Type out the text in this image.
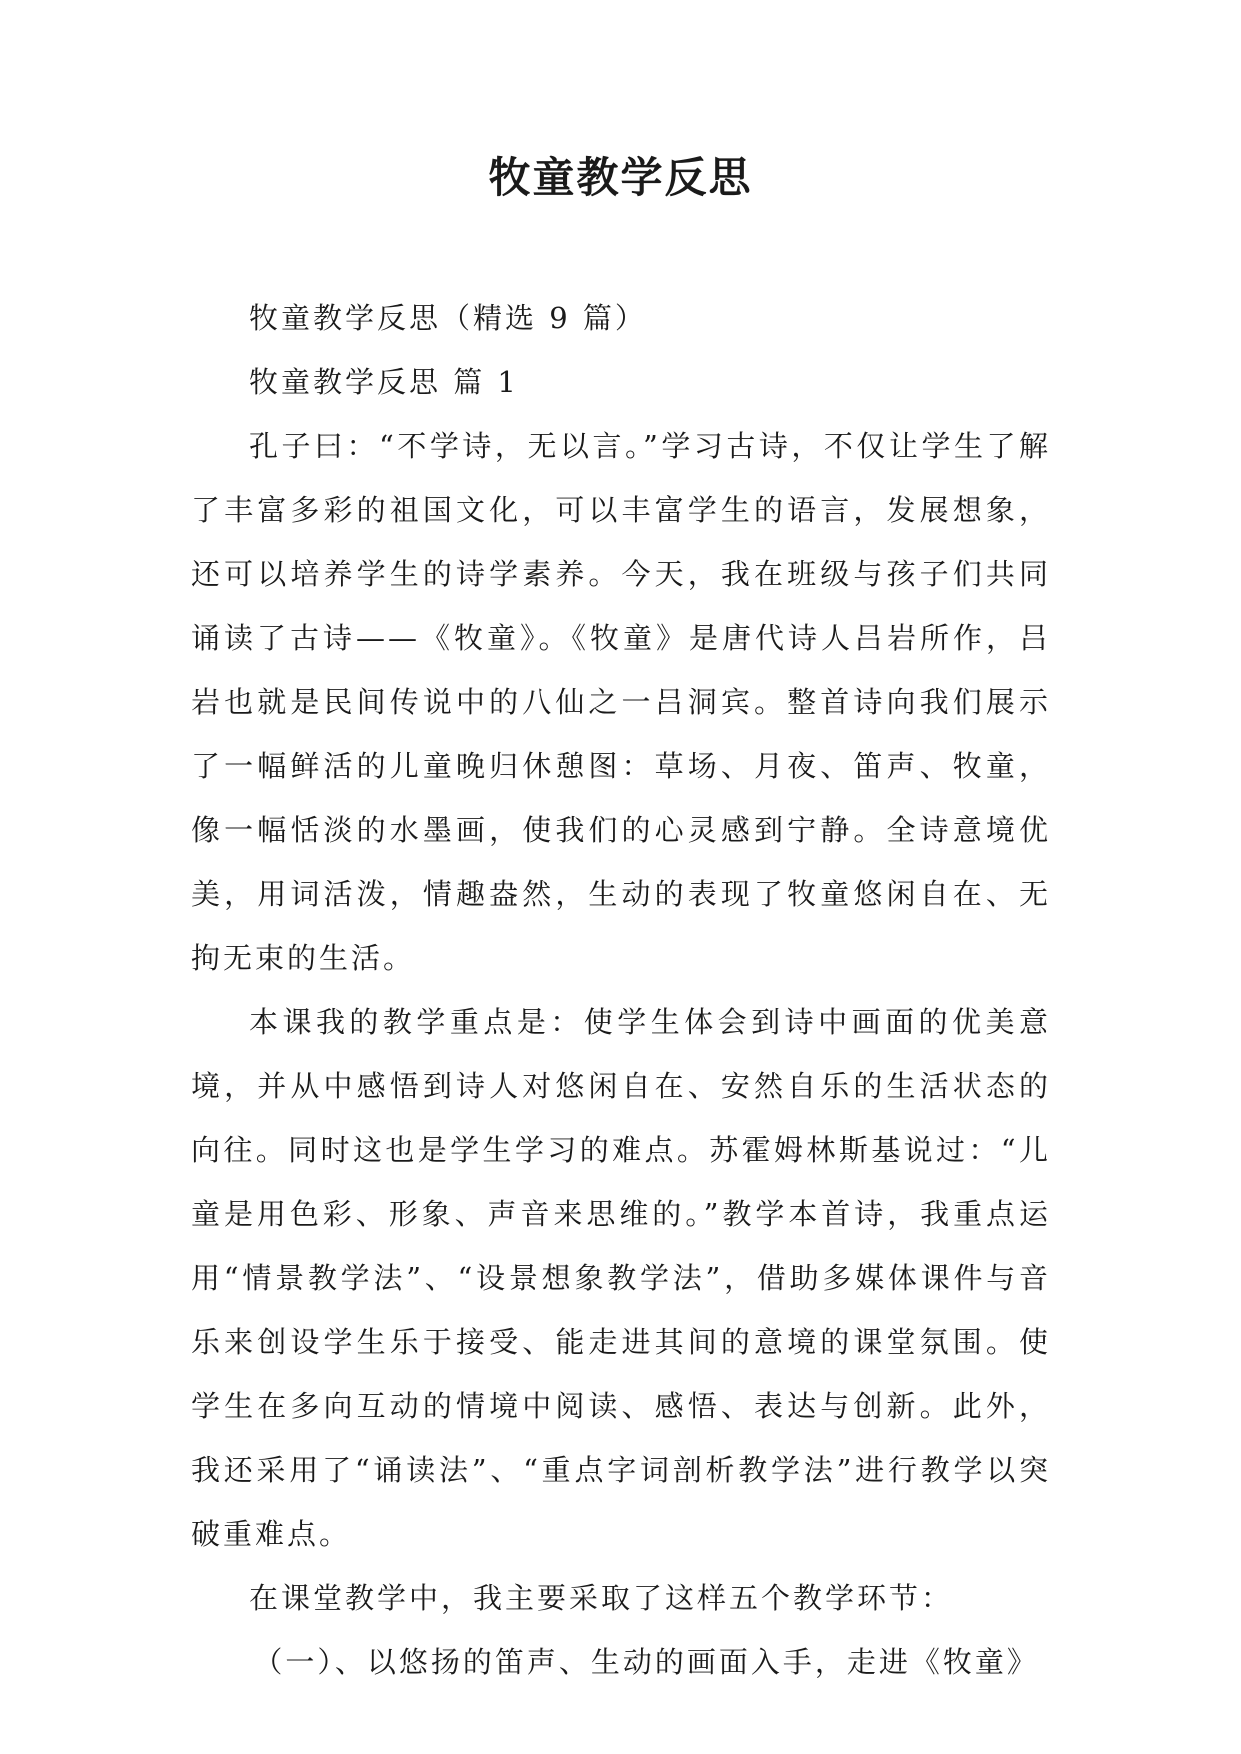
牧童教学反思

牧童教学反思（精选 9 篇）

牧童教学反思 篇 1

孔子曰：“不学诗，无以言。”学习古诗，不仅让学生了解了丰富多彩的祖国文化，可以丰富学生的语言，发展想象，还可以培养学生的诗学素养。今天，我在班级与孩子们共同诵读了古诗——《牧童》。《牧童》是唐代诗人吕岩所作，吕岩也就是民间传说中的八仙之一吕洞宾。整首诗向我们展示了一幅鲜活的儿童晚归休憩图：草场、月夜、笛声、牧童，像一幅恬淡的水墨画，使我们的心灵感到宁静。全诗意境优美，用词活泼，情趣盎然，生动的表现了牧童悠闲自在、无拘无束的生活。

本课我的教学重点是：使学生体会到诗中画面的优美意境，并从中感悟到诗人对悠闲自在、安然自乐的生活状态的向往。同时这也是学生学习的难点。苏霍姆林斯基说过：“儿童是用色彩、形象、声音来思维的。”教学本首诗，我重点运用“情景教学法”、“设景想象教学法”，借助多媒体课件与音乐来创设学生乐于接受、能走进其间的意境的课堂氛围。使学生在多向互动的情境中阅读、感悟、表达与创新。此外，我还采用了“诵读法”、“重点字词剖析教学法”进行教学以突破重难点。

在课堂教学中，我主要采取了这样五个教学环节：

（一）、以悠扬的笛声、生动的画面入手，走进《牧童》
